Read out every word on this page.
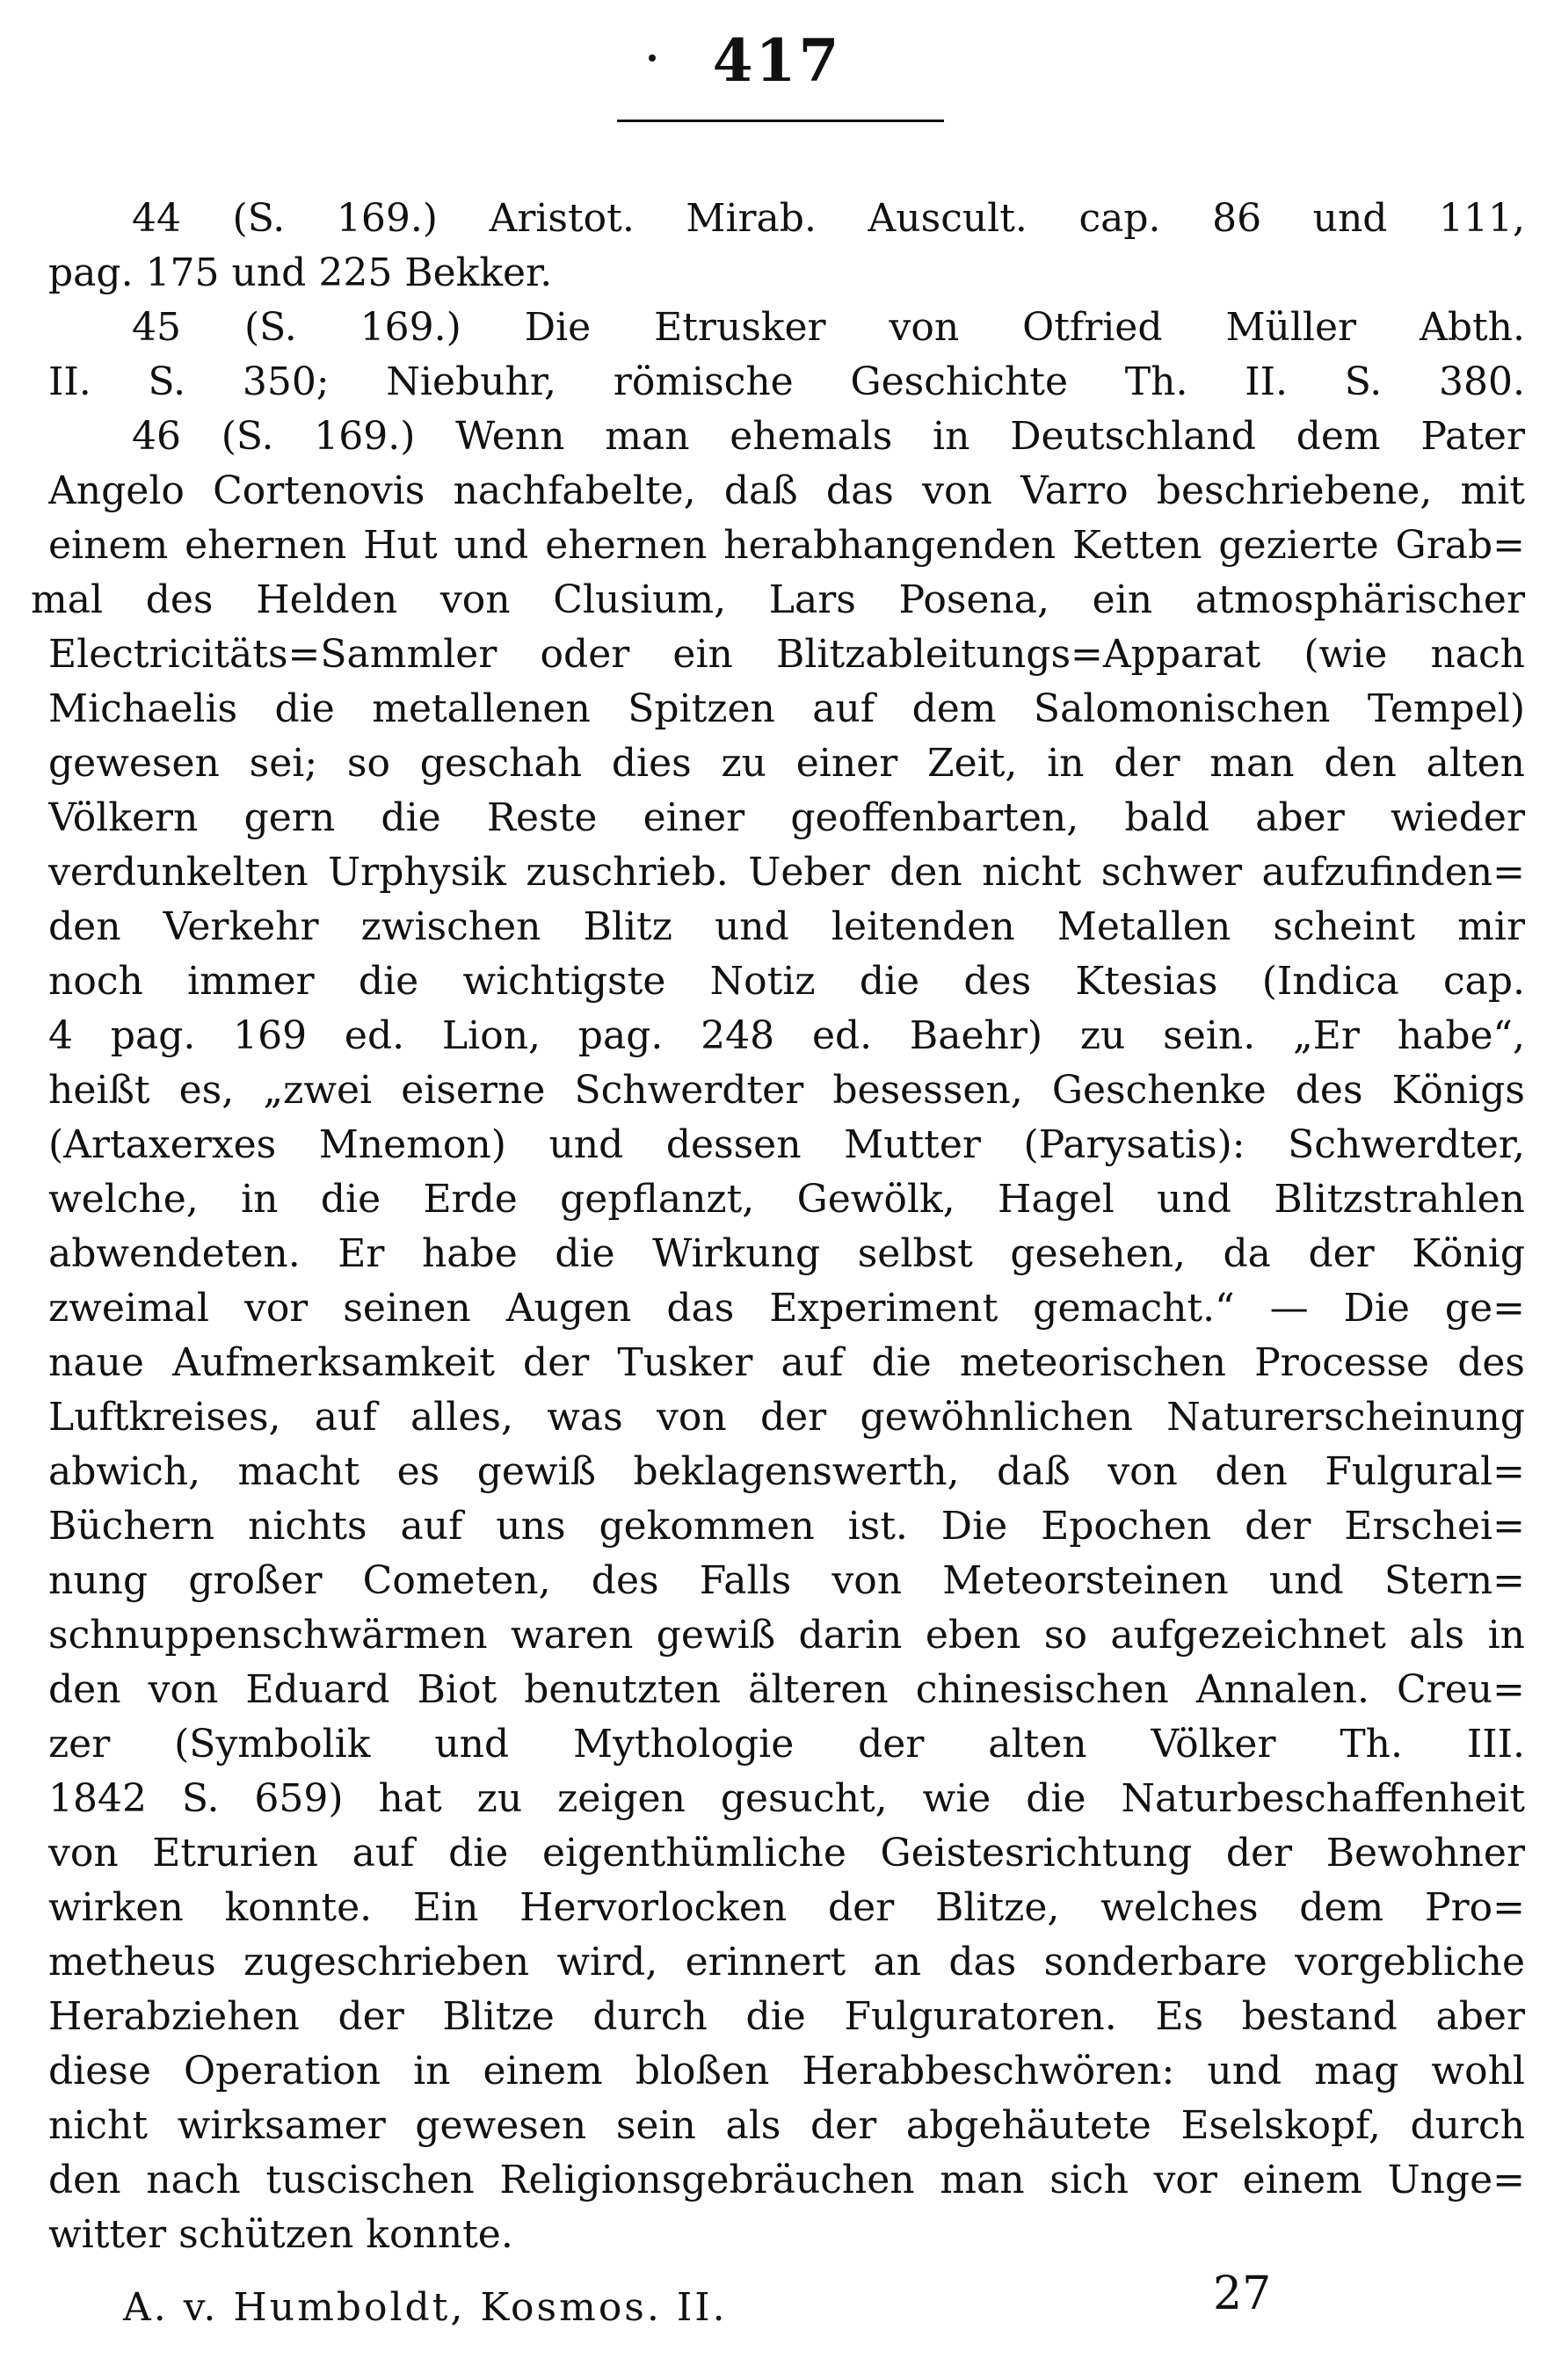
417
44 (S. 169.) Aristot. Mirab. Auscult. cap. 86 und 111,
pag. 175 und 225 Bekker.
45 (S. 169.) Die Etrusker von Otfried Müller Abth.
II. S. 350; Niebuhr, römische Geschichte Th. II. S. 380.
46 (S. 169.) Wenn man ehemals in Deutschland dem Pater
Angelo Cortenovis nachfabelte, daß das von Varro beschriebene, mit
einem ehernen Hut und ehernen herabhangenden Ketten gezierte Grab=
mal des Helden von Clusium, Lars Posena, ein atmosphärischer
Electricitäts=Sammler oder ein Blitzableitungs=Apparat (wie nach
Michaelis die metallenen Spitzen auf dem Salomonischen Tempel)
gewesen sei; so geschah dies zu einer Zeit, in der man den alten
Völkern gern die Reste einer geoffenbarten, bald aber wieder
verdunkelten Urphysik zuschrieb. Ueber den nicht schwer aufzufinden=
den Verkehr zwischen Blitz und leitenden Metallen scheint mir
noch immer die wichtigste Notiz die des Ktesias (Indica cap.
4 pag. 169 ed. Lion, pag. 248 ed. Baehr) zu sein. „Er habe“,
heißt es, „zwei eiserne Schwerdter besessen, Geschenke des Königs
(Artaxerxes Mnemon) und dessen Mutter (Parysatis): Schwerdter,
welche, in die Erde gepflanzt, Gewölk, Hagel und Blitzstrahlen
abwendeten. Er habe die Wirkung selbst gesehen, da der König
zweimal vor seinen Augen das Experiment gemacht.“ — Die ge=
naue Aufmerksamkeit der Tusker auf die meteorischen Processe des
Luftkreises, auf alles, was von der gewöhnlichen Naturerscheinung
abwich, macht es gewiß beklagenswerth, daß von den Fulgural=
Büchern nichts auf uns gekommen ist. Die Epochen der Erschei=
nung großer Cometen, des Falls von Meteorsteinen und Stern=
schnuppenschwärmen waren gewiß darin eben so aufgezeichnet als in
den von Eduard Biot benutzten älteren chinesischen Annalen. Creu=
zer (Symbolik und Mythologie der alten Völker Th. III.
1842 S. 659) hat zu zeigen gesucht, wie die Naturbeschaffenheit
von Etrurien auf die eigenthümliche Geistesrichtung der Bewohner
wirken konnte. Ein Hervorlocken der Blitze, welches dem Pro=
metheus zugeschrieben wird, erinnert an das sonderbare vorgebliche
Herabziehen der Blitze durch die Fulguratoren. Es bestand aber
diese Operation in einem bloßen Herabbeschwören: und mag wohl
nicht wirksamer gewesen sein als der abgehäutete Eselskopf, durch
den nach tuscischen Religionsgebräuchen man sich vor einem Unge=
witter schützen konnte.
A. v. Humboldt, Kosmos. II.	27
